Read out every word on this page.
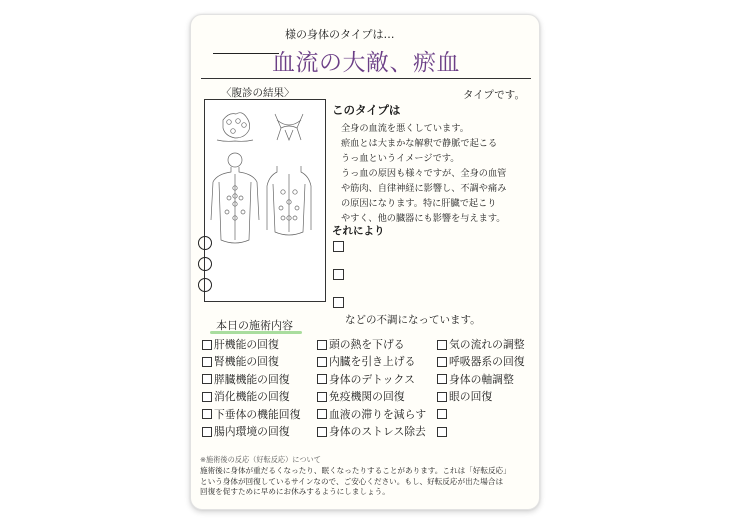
様の身体のタイプは…
血流の大敵、瘀血
〈腹診の結果〉	タイプです。
このタイプは
全身の血流を悪くしています。
瘀血とは大まかな解釈で静脈で起こる
うっ血というイメージです。
うっ血の原因も様々ですが、全身の血管
や筋肉、自律神経に影響し、不調や痛み
の原因になります。特に肝臓で起こり
やすく、他の臓器にも影響を与えます。
それにより
などの不調になっています。
本日の施術内容
肝機能の回復
腎機能の回復
膵臓機能の回復
消化機能の回復
下垂体の機能回復
腸内環境の回復
頭の熱を下げる
内臓を引き上げる
身体のデトックス
免疫機関の回復
血液の滞りを減らす
身体のストレス除去
気の流れの調整
呼吸器系の回復
身体の軸調整
眼の回復
※施術後の反応（好転反応）について
施術後に身体が重だるくなったり、眠くなったりすることがあります。これは「好転反応」
という身体が回復しているサインなので、ご安心ください。もし、好転反応が出た場合は
回復を促すために早めにお休みするようにしましょう。
